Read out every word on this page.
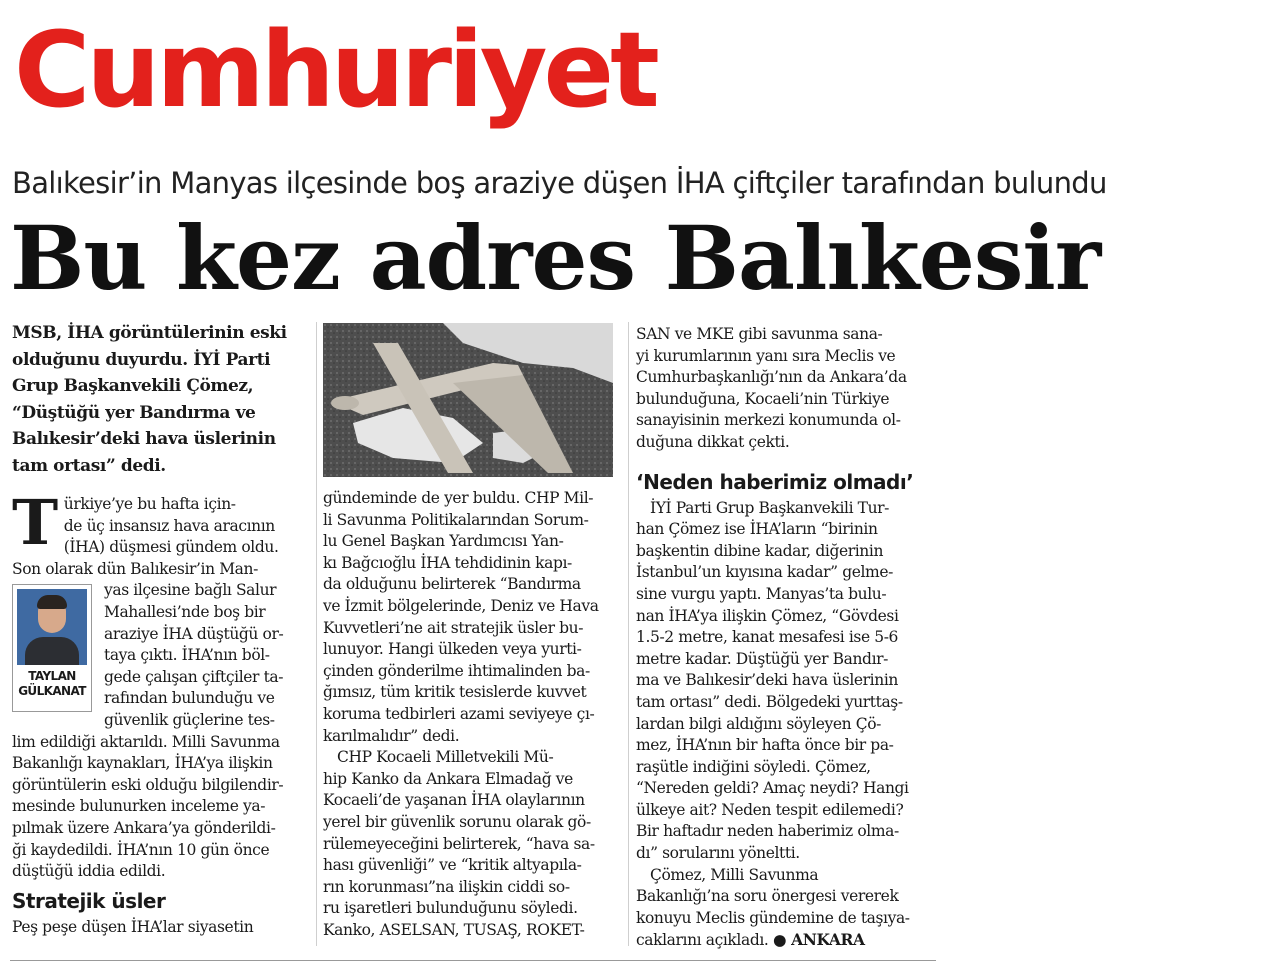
Cumhuriyet
Balıkesir’in Manyas ilçesinde boş araziye düşen İHA çiftçiler tarafından bulundu
Bu kez adres Balıkesir

MSB, İHA görüntülerinin eski

olduğunu duyurdu. İYİ Parti

Grup Başkanvekili Çömez,

“Düştüğü yer Bandırma ve

Balıkesir’deki hava üslerinin

tam ortası” dedi.

T ürkiye’ye bu hafta için-

de üç insansız hava aracının

(İHA) düşmesi gündem oldu.

Son olarak dün Balıkesir’in Man-

TAYLAN
GÜLKANAT

yas ilçesine bağlı Salur

Mahallesi’nde boş bir

araziye İHA düştüğü or-

taya çıktı. İHA’nın böl-

gede çalışan çiftçiler ta-

rafından bulunduğu ve

güvenlik güçlerine tes-

lim edildiği aktarıldı. Milli Savunma

Bakanlığı kaynakları, İHA’ya ilişkin

görüntülerin eski olduğu bilgilendir-

mesinde bulunurken inceleme ya-

pılmak üzere Ankara’ya gönderildi-

ği kaydedildi. İHA’nın 10 gün önce

düştüğü iddia edildi.

Stratejik üsler

Peş peşe düşen İHA’lar siyasetin

gündeminde de yer buldu. CHP Mil-

li Savunma Politikalarından Sorum-

lu Genel Başkan Yardımcısı Yan-

kı Bağcıoğlu İHA tehdidinin kapı-

da olduğunu belirterek “Bandırma

ve İzmit bölgelerinde, Deniz ve Hava

Kuvvetleri’ne ait stratejik üsler bu-

lunuyor. Hangi ülkeden veya yurti-

çinden gönderilme ihtimalinden ba-

ğımsız, tüm kritik tesislerde kuvvet

koruma tedbirleri azami seviyeye çı-

karılmalıdır” dedi.

CHP Kocaeli Milletvekili Mü-

hip Kanko da Ankara Elmadağ ve

Kocaeli’de yaşanan İHA olaylarının

yerel bir güvenlik sorunu olarak gö-

rülemeyeceğini belirterek, “hava sa-

hası güvenliği” ve “kritik altyapıla-

rın korunması”na ilişkin ciddi so-

ru işaretleri bulunduğunu söyledi.

Kanko, ASELSAN, TUSAŞ, ROKET-

SAN ve MKE gibi savunma sana-

yi kurumlarının yanı sıra Meclis ve

Cumhurbaşkanlığı’nın da Ankara’da

bulunduğuna, Kocaeli’nin Türkiye

sanayisinin merkezi konumunda ol-

duğuna dikkat çekti.

‘Neden haberimiz olmadı’

İYİ Parti Grup Başkanvekili Tur-

han Çömez ise İHA’ların “birinin

başkentin dibine kadar, diğerinin

İstanbul’un kıyısına kadar” gelme-

sine vurgu yaptı. Manyas’ta bulu-

nan İHA’ya ilişkin Çömez, “Gövdesi

1.5-2 metre, kanat mesafesi ise 5-6

metre kadar. Düştüğü yer Bandır-

ma ve Balıkesir’deki hava üslerinin

tam ortası” dedi. Bölgedeki yurttaş-

lardan bilgi aldığını söyleyen Çö-

mez, İHA’nın bir hafta önce bir pa-

raşütle indiğini söyledi. Çömez,

“Nereden geldi? Amaç neydi? Hangi

ülkeye ait? Neden tespit edilemedi?

Bir haftadır neden haberimiz olma-

dı” sorularını yöneltti.

Çömez, Milli Savunma

Bakanlığı’na soru önergesi vererek

konuyu Meclis gündemine de taşıya-

caklarını açıkladı. ● ANKARA
